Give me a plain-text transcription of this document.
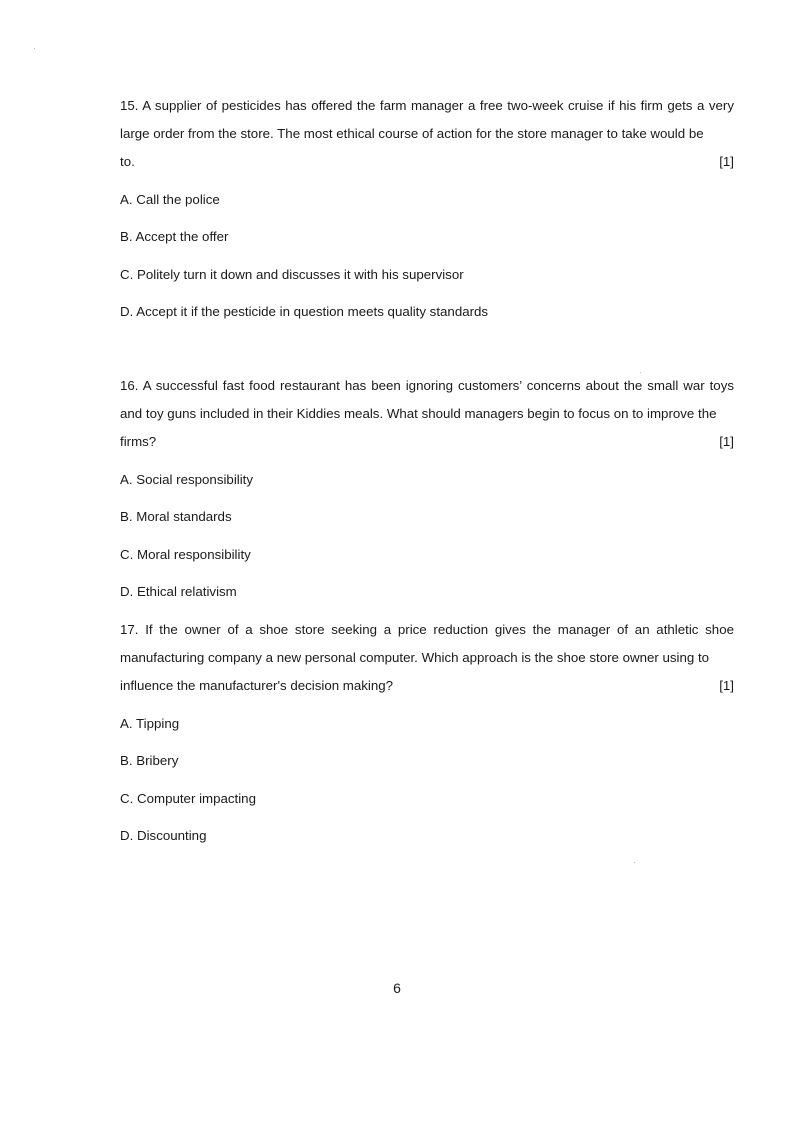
15. A supplier of pesticides has offered the farm manager a free two-week cruise if his firm gets a very large order from the store. The most ethical course of action for the store manager to take would be
to.	[1]
A. Call the police
B. Accept the offer
C. Politely turn it down and discusses it with his supervisor
D. Accept it if the pesticide in question meets quality standards
16. A successful fast food restaurant has been ignoring customers’ concerns about the small war toys and toy guns included in their Kiddies meals. What should managers begin to focus on to improve the
firms?	[1]
A. Social responsibility
B. Moral standards
C. Moral responsibility
D. Ethical relativism
17. If the owner of a shoe store seeking a price reduction gives the manager of an athletic shoe manufacturing company a new personal computer. Which approach is the shoe store owner using to
influence the manufacturer's decision making?	[1]
A. Tipping
B. Bribery
C. Computer impacting
D. Discounting
6
